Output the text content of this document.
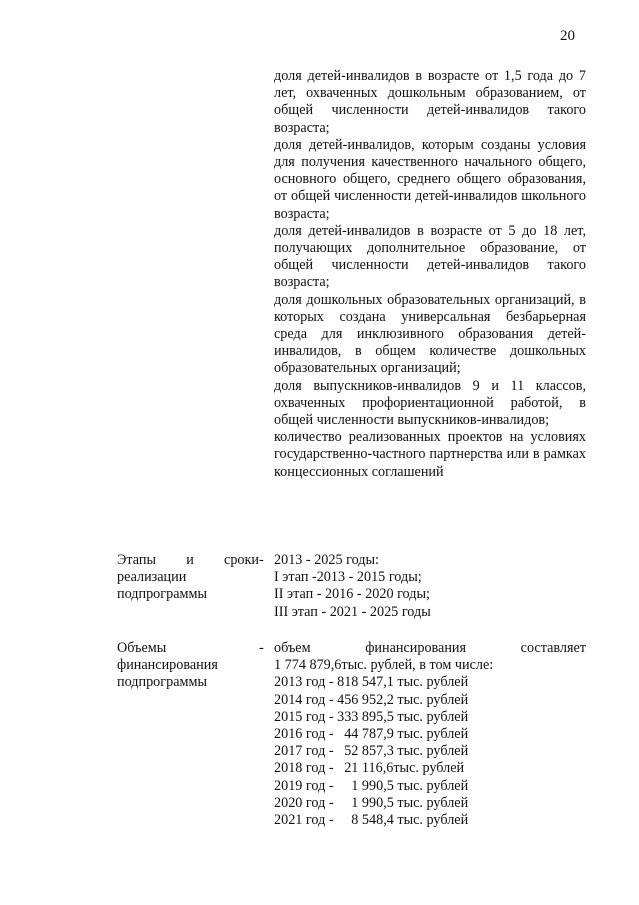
20

доля детей-инвалидов в возрасте от 1,5 года до 7 лет, охваченных дошкольным образованием, от общей численности детей-инвалидов такого возраста;

доля детей-инвалидов, которым созданы условия для получения качественного начального общего, основного общего, среднего общего образования, от общей численности детей-инвалидов школьного возраста;

доля детей-инвалидов в возрасте от 5 до 18 лет, получающих дополнительное образование, от общей численности детей-инвалидов такого возраста;

доля дошкольных образовательных организаций, в которых создана универсальная безбарьерная среда для инклюзивного образования детей-инвалидов, в общем количестве дошкольных образовательных организаций;

доля выпускников-инвалидов 9 и 11 классов, охваченных профориентационной работой, в общей численности выпускников-инвалидов;

количество реализованных проектов на условиях государственно-частного партнерства или в рамках концессионных соглашений

Этапы и сроки
реализации
подпрограммы
- 2013 - 2025 годы:
I этап -2013 - 2015 годы;
II этап - 2016 - 2020 годы;
III этап - 2021 - 2025 годы
Объемы
финансирования
подпрограммы
- объем	финансирования	составляет
1 774 879,6тыс. рублей, в том числе:
2013 год - 818 547,1 тыс. рублей
2014 год - 456 952,2 тыс. рублей
2015 год - 333 895,5 тыс. рублей
2016 год -   44 787,9 тыс. рублей
2017 год -   52 857,3 тыс. рублей
2018 год -   21 116,6тыс. рублей
2019 год -     1 990,5 тыс. рублей
2020 год -     1 990,5 тыс. рублей
2021 год -     8 548,4 тыс. рублей
